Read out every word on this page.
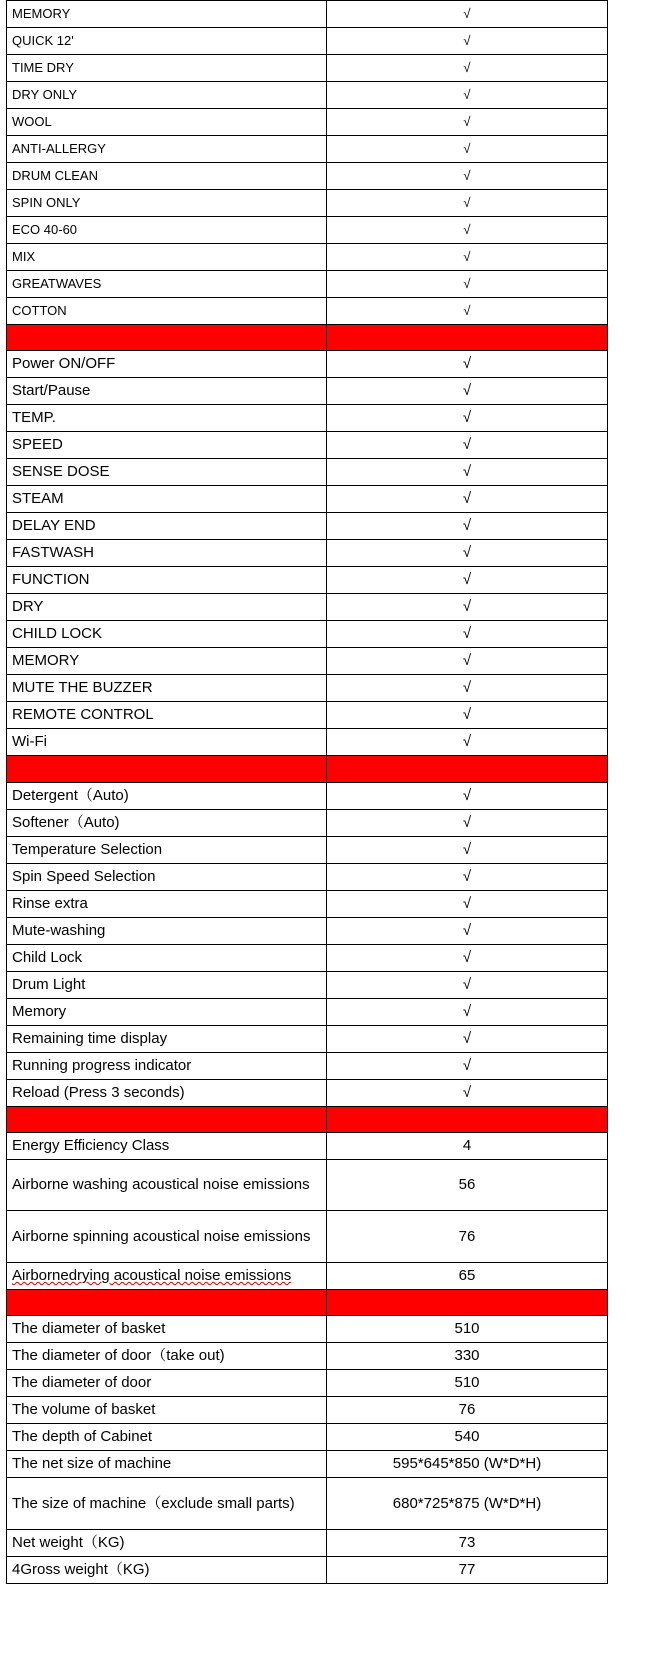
MEMORY	√
QUICK 12'	√
TIME DRY	√
DRY ONLY	√
WOOL	√
ANTI-ALLERGY	√
DRUM CLEAN	√
SPIN ONLY	√
ECO 40-60	√
MIX	√
GREATWAVES	√
COTTON	√

Power ON/OFF	√
Start/Pause	√
TEMP.	√
SPEED	√
SENSE DOSE	√
STEAM	√
DELAY END	√
FASTWASH	√
FUNCTION	√
DRY	√
CHILD LOCK	√
MEMORY	√
MUTE THE BUZZER	√
REMOTE CONTROL	√
Wi-Fi	√

Detergent（Auto)	√
Softener（Auto)	√
Temperature Selection	√
Spin Speed Selection	√
Rinse extra	√
Mute-washing	√
Child Lock	√
Drum Light	√
Memory	√
Remaining time display	√
Running progress indicator	√
Reload (Press 3 seconds)	√

Energy Efficiency Class	4
Airborne washing acoustical noise emissions	56
Airborne spinning acoustical noise emissions	76
Airbornedrying acoustical noise emissions	65

The diameter of basket	510
The diameter of door（take out)	330
The diameter of door	510
The volume of basket	76
The depth of Cabinet	540
The net size of machine	595*645*850 (W*D*H)
The size of machine（exclude small parts)	680*725*875 (W*D*H)
Net weight（KG)	73
4Gross weight（KG)	77
